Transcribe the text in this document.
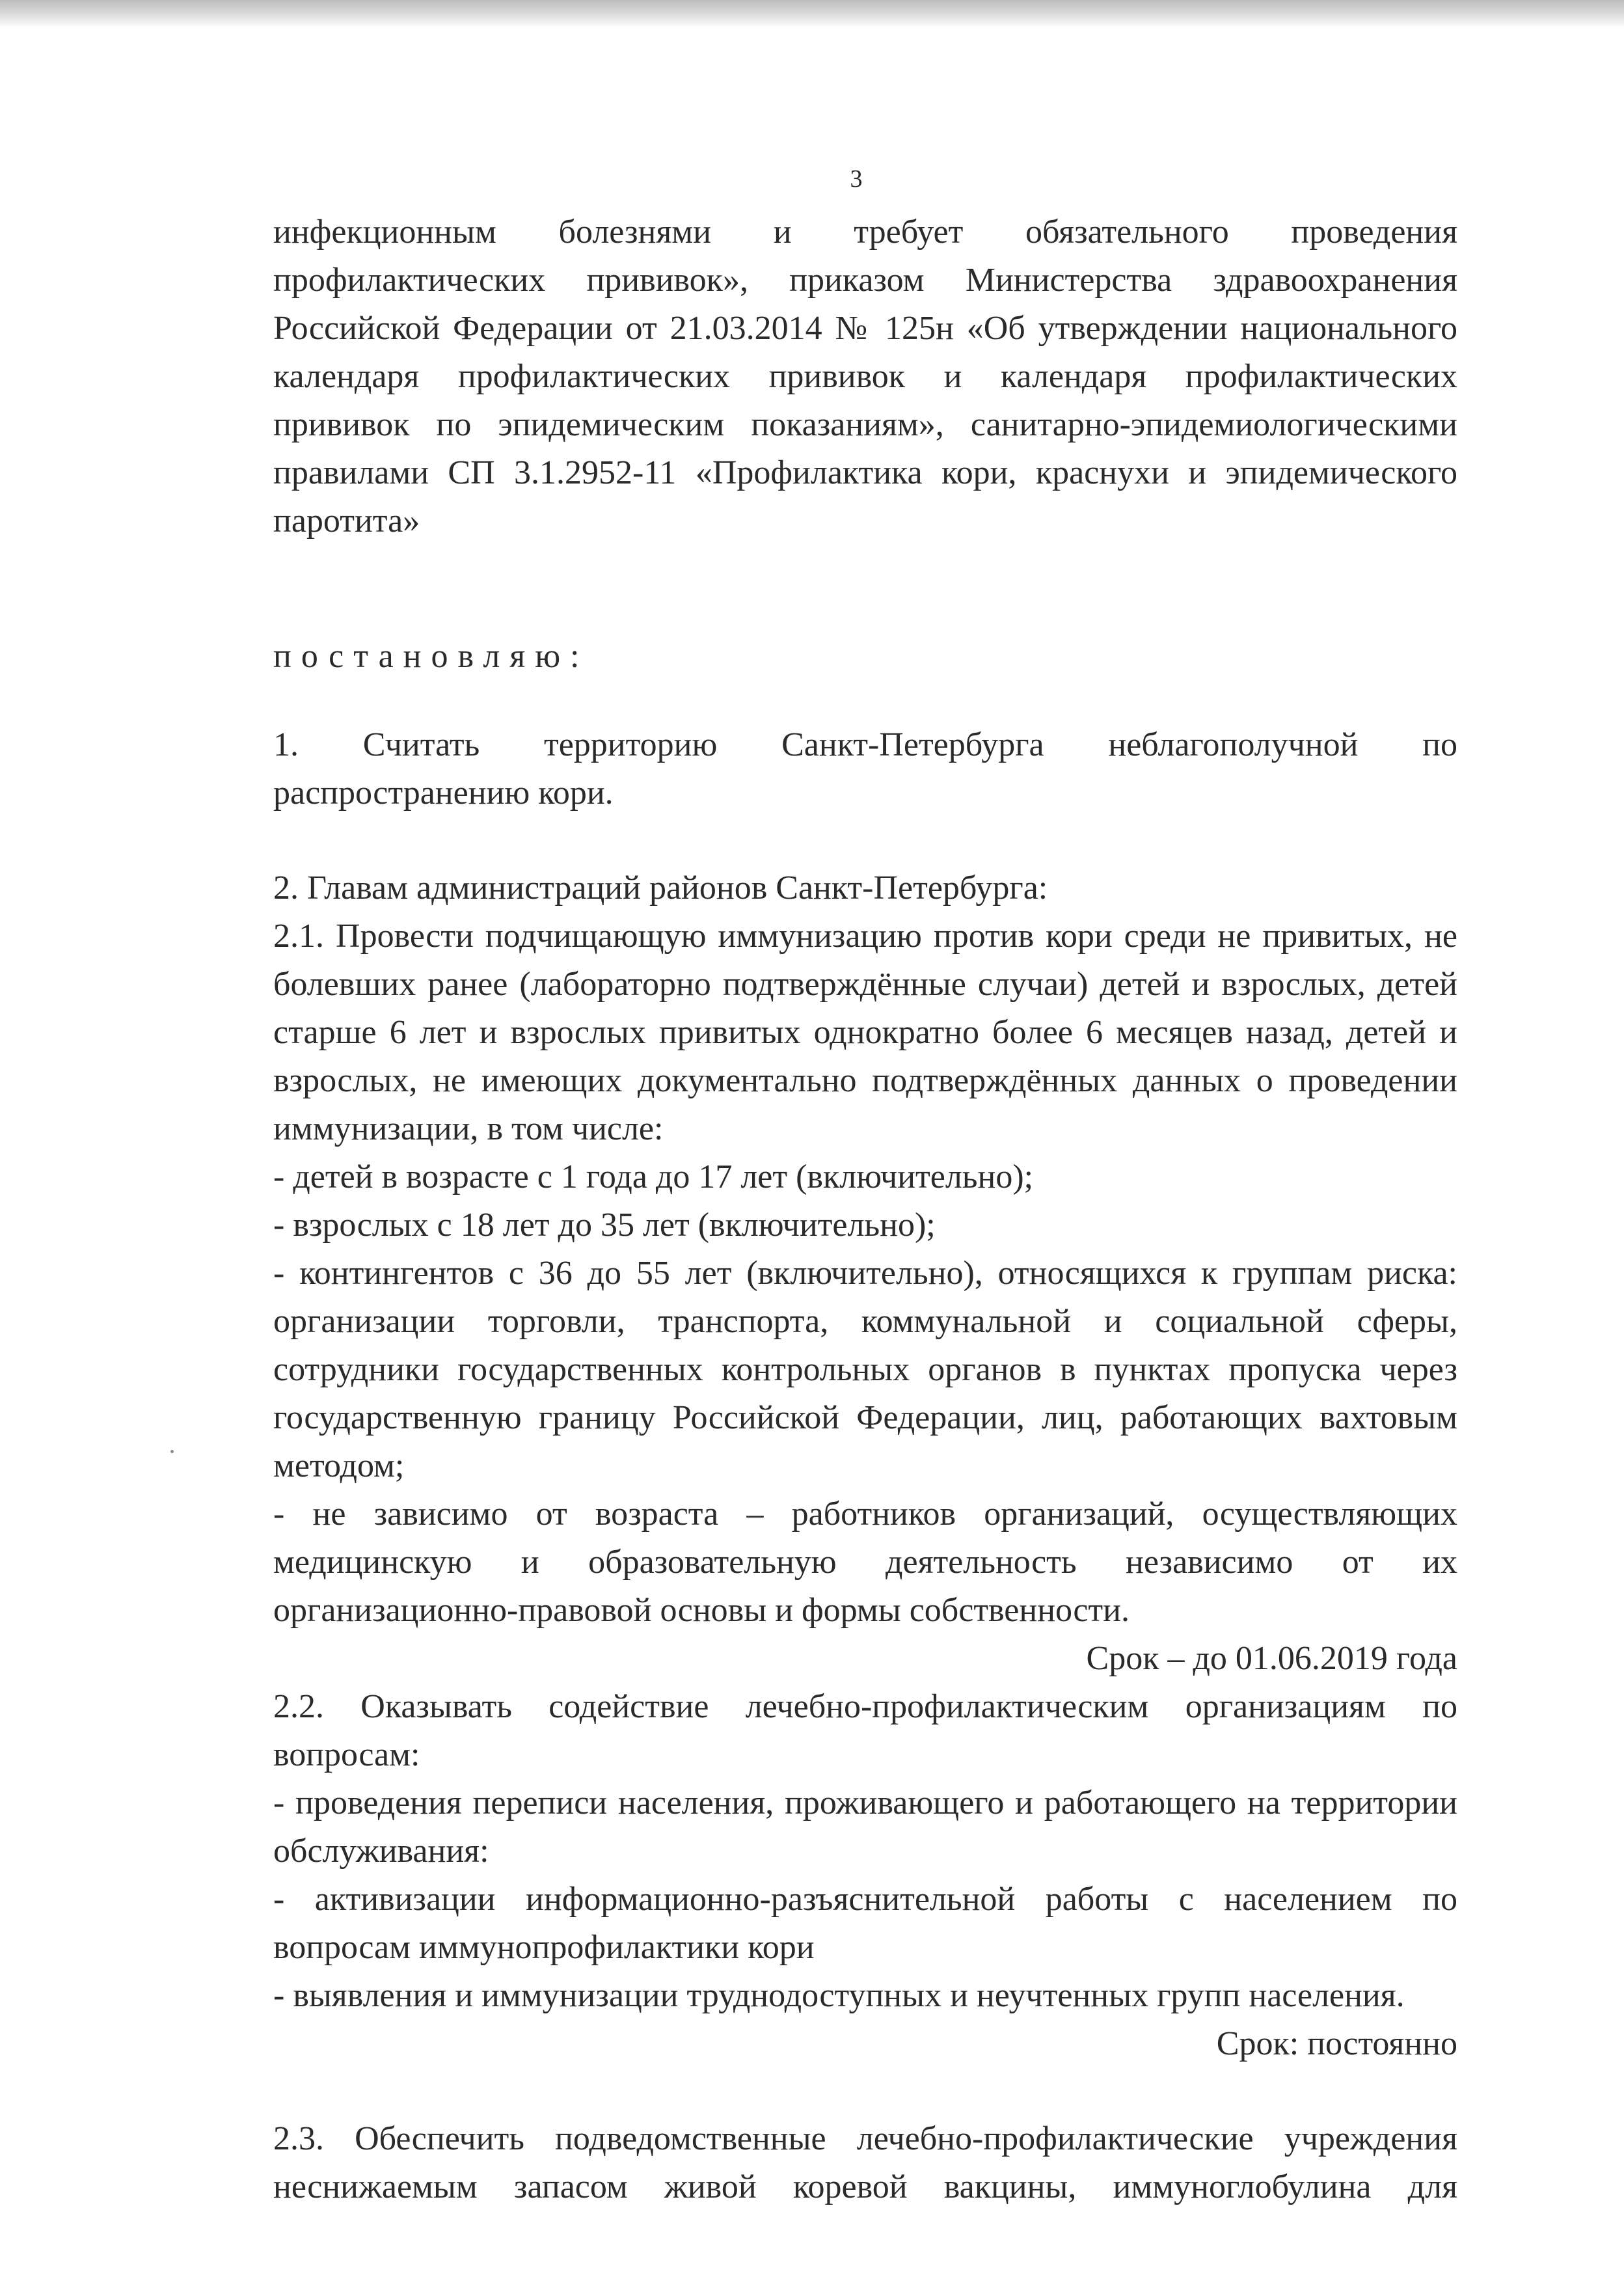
3
инфекционным болезнями и требует обязательного проведения
профилактических прививок», приказом Министерства здравоохранения
Российской Федерации от 21.03.2014 № 125н «Об утверждении национального
календаря профилактических прививок и календаря профилактических
прививок по эпидемическим показаниям», санитарно-эпидемиологическими
правилами СП 3.1.2952-11 «Профилактика кори, краснухи и эпидемического
паротита»
постановляю:
1. Считать территорию Санкт-Петербурга неблагополучной по
распространению кори.
2. Главам администраций районов Санкт-Петербурга:
2.1. Провести подчищающую иммунизацию против кори среди не привитых, не
болевших ранее (лабораторно подтверждённые случаи) детей и взрослых, детей
старше 6 лет и взрослых привитых однократно более 6 месяцев назад, детей и
взрослых, не имеющих документально подтверждённых данных о проведении
иммунизации, в том числе:
- детей в возрасте с 1 года до 17 лет (включительно);
- взрослых с 18 лет до 35 лет (включительно);
- контингентов с 36 до 55 лет (включительно), относящихся к группам риска:
организации торговли, транспорта, коммунальной и социальной сферы,
сотрудники государственных контрольных органов в пунктах пропуска через
государственную границу Российской Федерации, лиц, работающих вахтовым
методом;
- не зависимо от возраста – работников организаций, осуществляющих
медицинскую и образовательную деятельность независимо от их
организационно-правовой основы и формы собственности.
Срок – до 01.06.2019 года
2.2. Оказывать содействие лечебно-профилактическим организациям по
вопросам:
- проведения переписи населения, проживающего и работающего на территории
обслуживания:
- активизации информационно-разъяснительной работы с населением по
вопросам иммунопрофилактики кори
- выявления и иммунизации труднодоступных и неучтенных групп населения.
Срок: постоянно
2.3. Обеспечить подведомственные лечебно-профилактические учреждения
неснижаемым запасом живой коревой вакцины, иммуноглобулина для
